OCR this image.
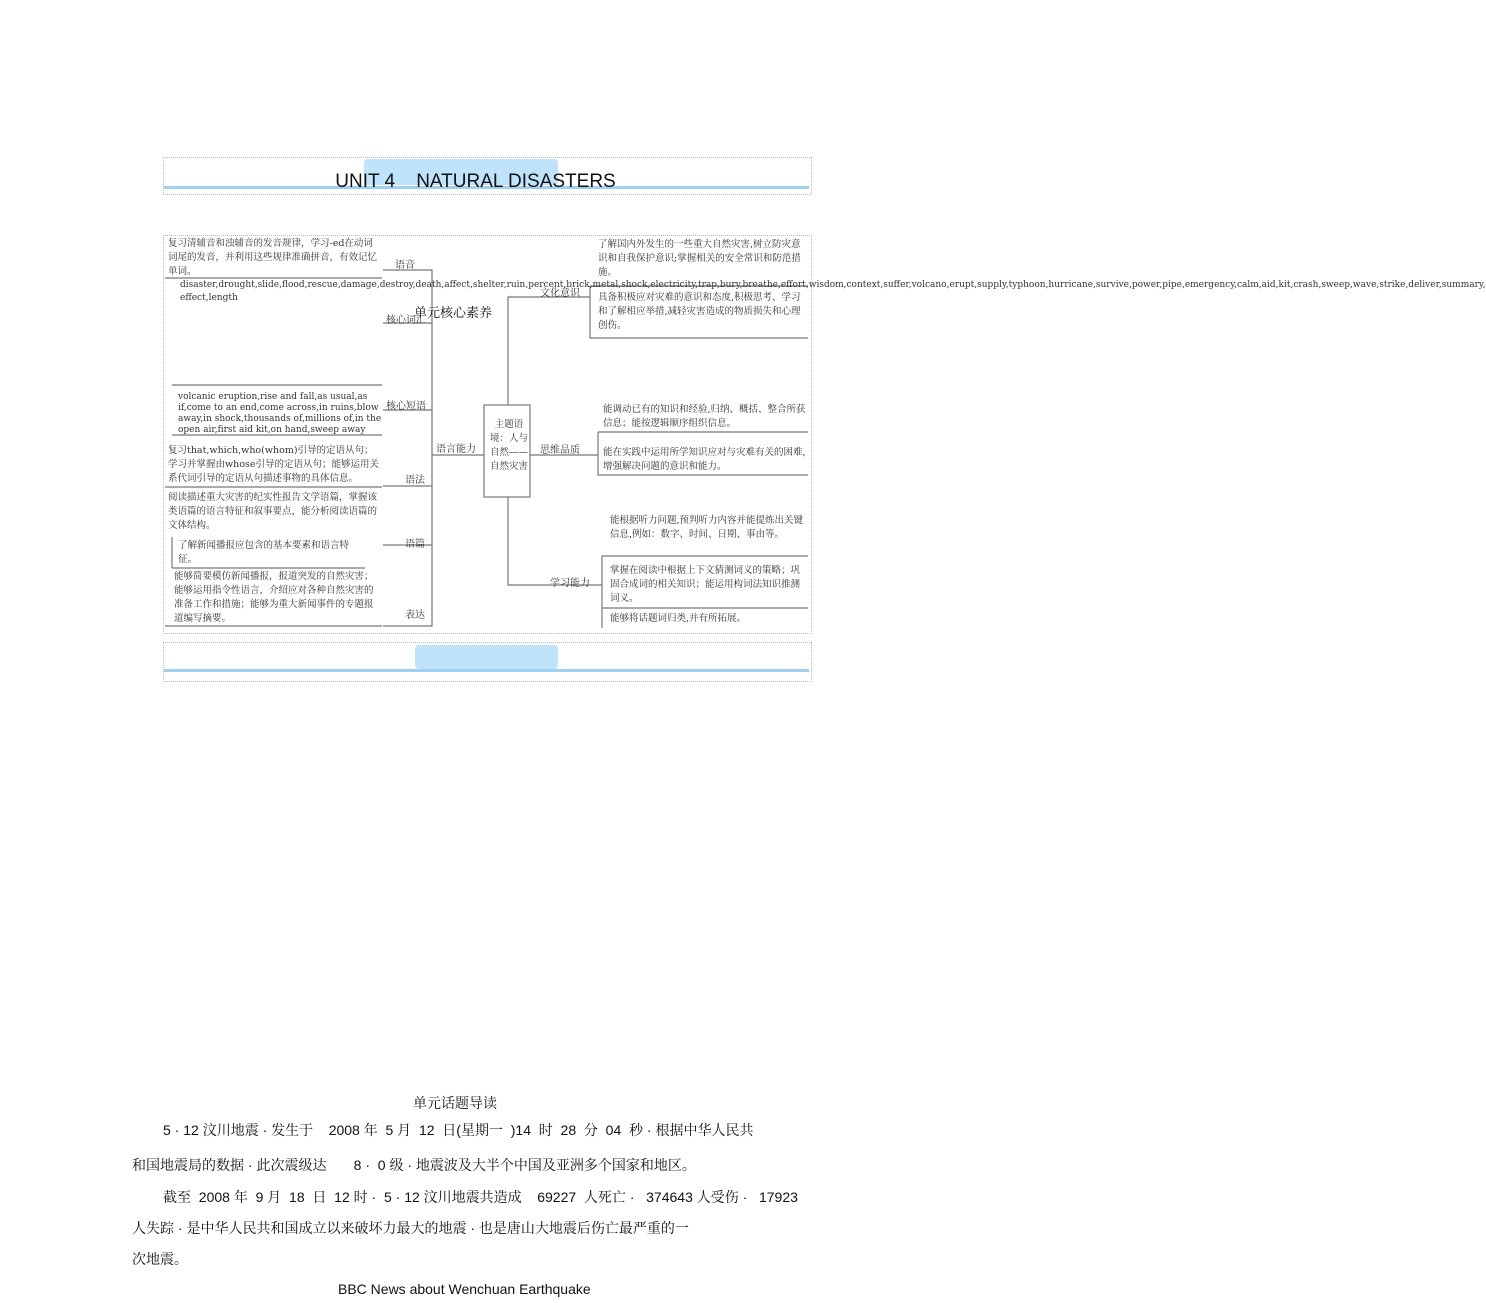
UNIT 4    NATURAL DISASTERS
单元核心素养
主题语境：人与自然——自然灾害
语言能力
复习清辅音和浊辅音的发音规律，学习-ed在动词词尾的发音，并利用这些规律准确拼音，有效记忆单词。
语音
disaster,drought,slide,flood,rescue,damage,destroy,death,affect,shelter,ruin,percent,brick,metal,shock,electricity,trap,bury,breathe,effort,wisdom,context,suffer,volcano,erupt,supply,typhoon,hurricane,survive,power,pipe,emergency,calm,aid,kit,crash,sweep,wave,strike,deliver,summary, effect,length
核心词汇
volcanic eruption,rise and fall,as usual,as if,come to an end,come across,in ruins,blow away,in shock,thousands of,millions of,in the open air,first aid kit,on hand,sweep away
核心短语
复习that,which,who(whom)引导的定语从句；学习并掌握由whose引导的定语从句；能够运用关系代词引导的定语从句描述事物的具体信息。	语法
阅读描述重大灾害的纪实性报告文学语篇，掌握该类语篇的语言特征和叙事要点，能分析阅读语篇的文体结构。
了解新闻播报应包含的基本要素和语言特征。
语篇
能够简要模仿新闻播报，报道突发的自然灾害；能够运用指令性语言，介绍应对各种自然灾害的准备工作和措施；能够为重大新闻事件的专题报道编写摘要。	表达
文化意识
了解国内外发生的一些重大自然灾害,树立防灾意识和自我保护意识;掌握相关的安全常识和防范措施。
具备积极应对灾难的意识和态度,积极思考、学习和了解相应举措,减轻灾害造成的物质损失和心理创伤。
思维品质
能调动已有的知识和经验,归纳、概括、整合所获信息；能按逻辑顺序组织信息。
能在实践中运用所学知识应对与灾难有关的困难,增强解决问题的意识和能力。
学习能力
能根据听力问题,预判听力内容并能提炼出关键信息,例如：数字、时间、日期、事由等。
掌握在阅读中根据上下文猜测词义的策略；巩固合成词的相关知识；能运用构词法知识推测词义。
能够将话题词归类,并有所拓展。
单元话题导读
5 · 12 汶川地震 · 发生于    2008 年  5 月  12  日(星期一  )14  时  28  分  04  秒 · 根据中华人民共
和国地震局的数据 · 此次震级达       8 ·  0 级 · 地震波及大半个中国及亚洲多个国家和地区。
截至  2008 年  9 月  18  日  12 时 ·  5 · 12 汶川地震共造成    69227  人死亡 ·   374643 人受伤 ·   17923
人失踪 · 是中华人民共和国成立以来破坏力最大的地震 · 也是唐山大地震后伤亡最严重的一
次地震。
BBC News about Wenchuan Earthquake
